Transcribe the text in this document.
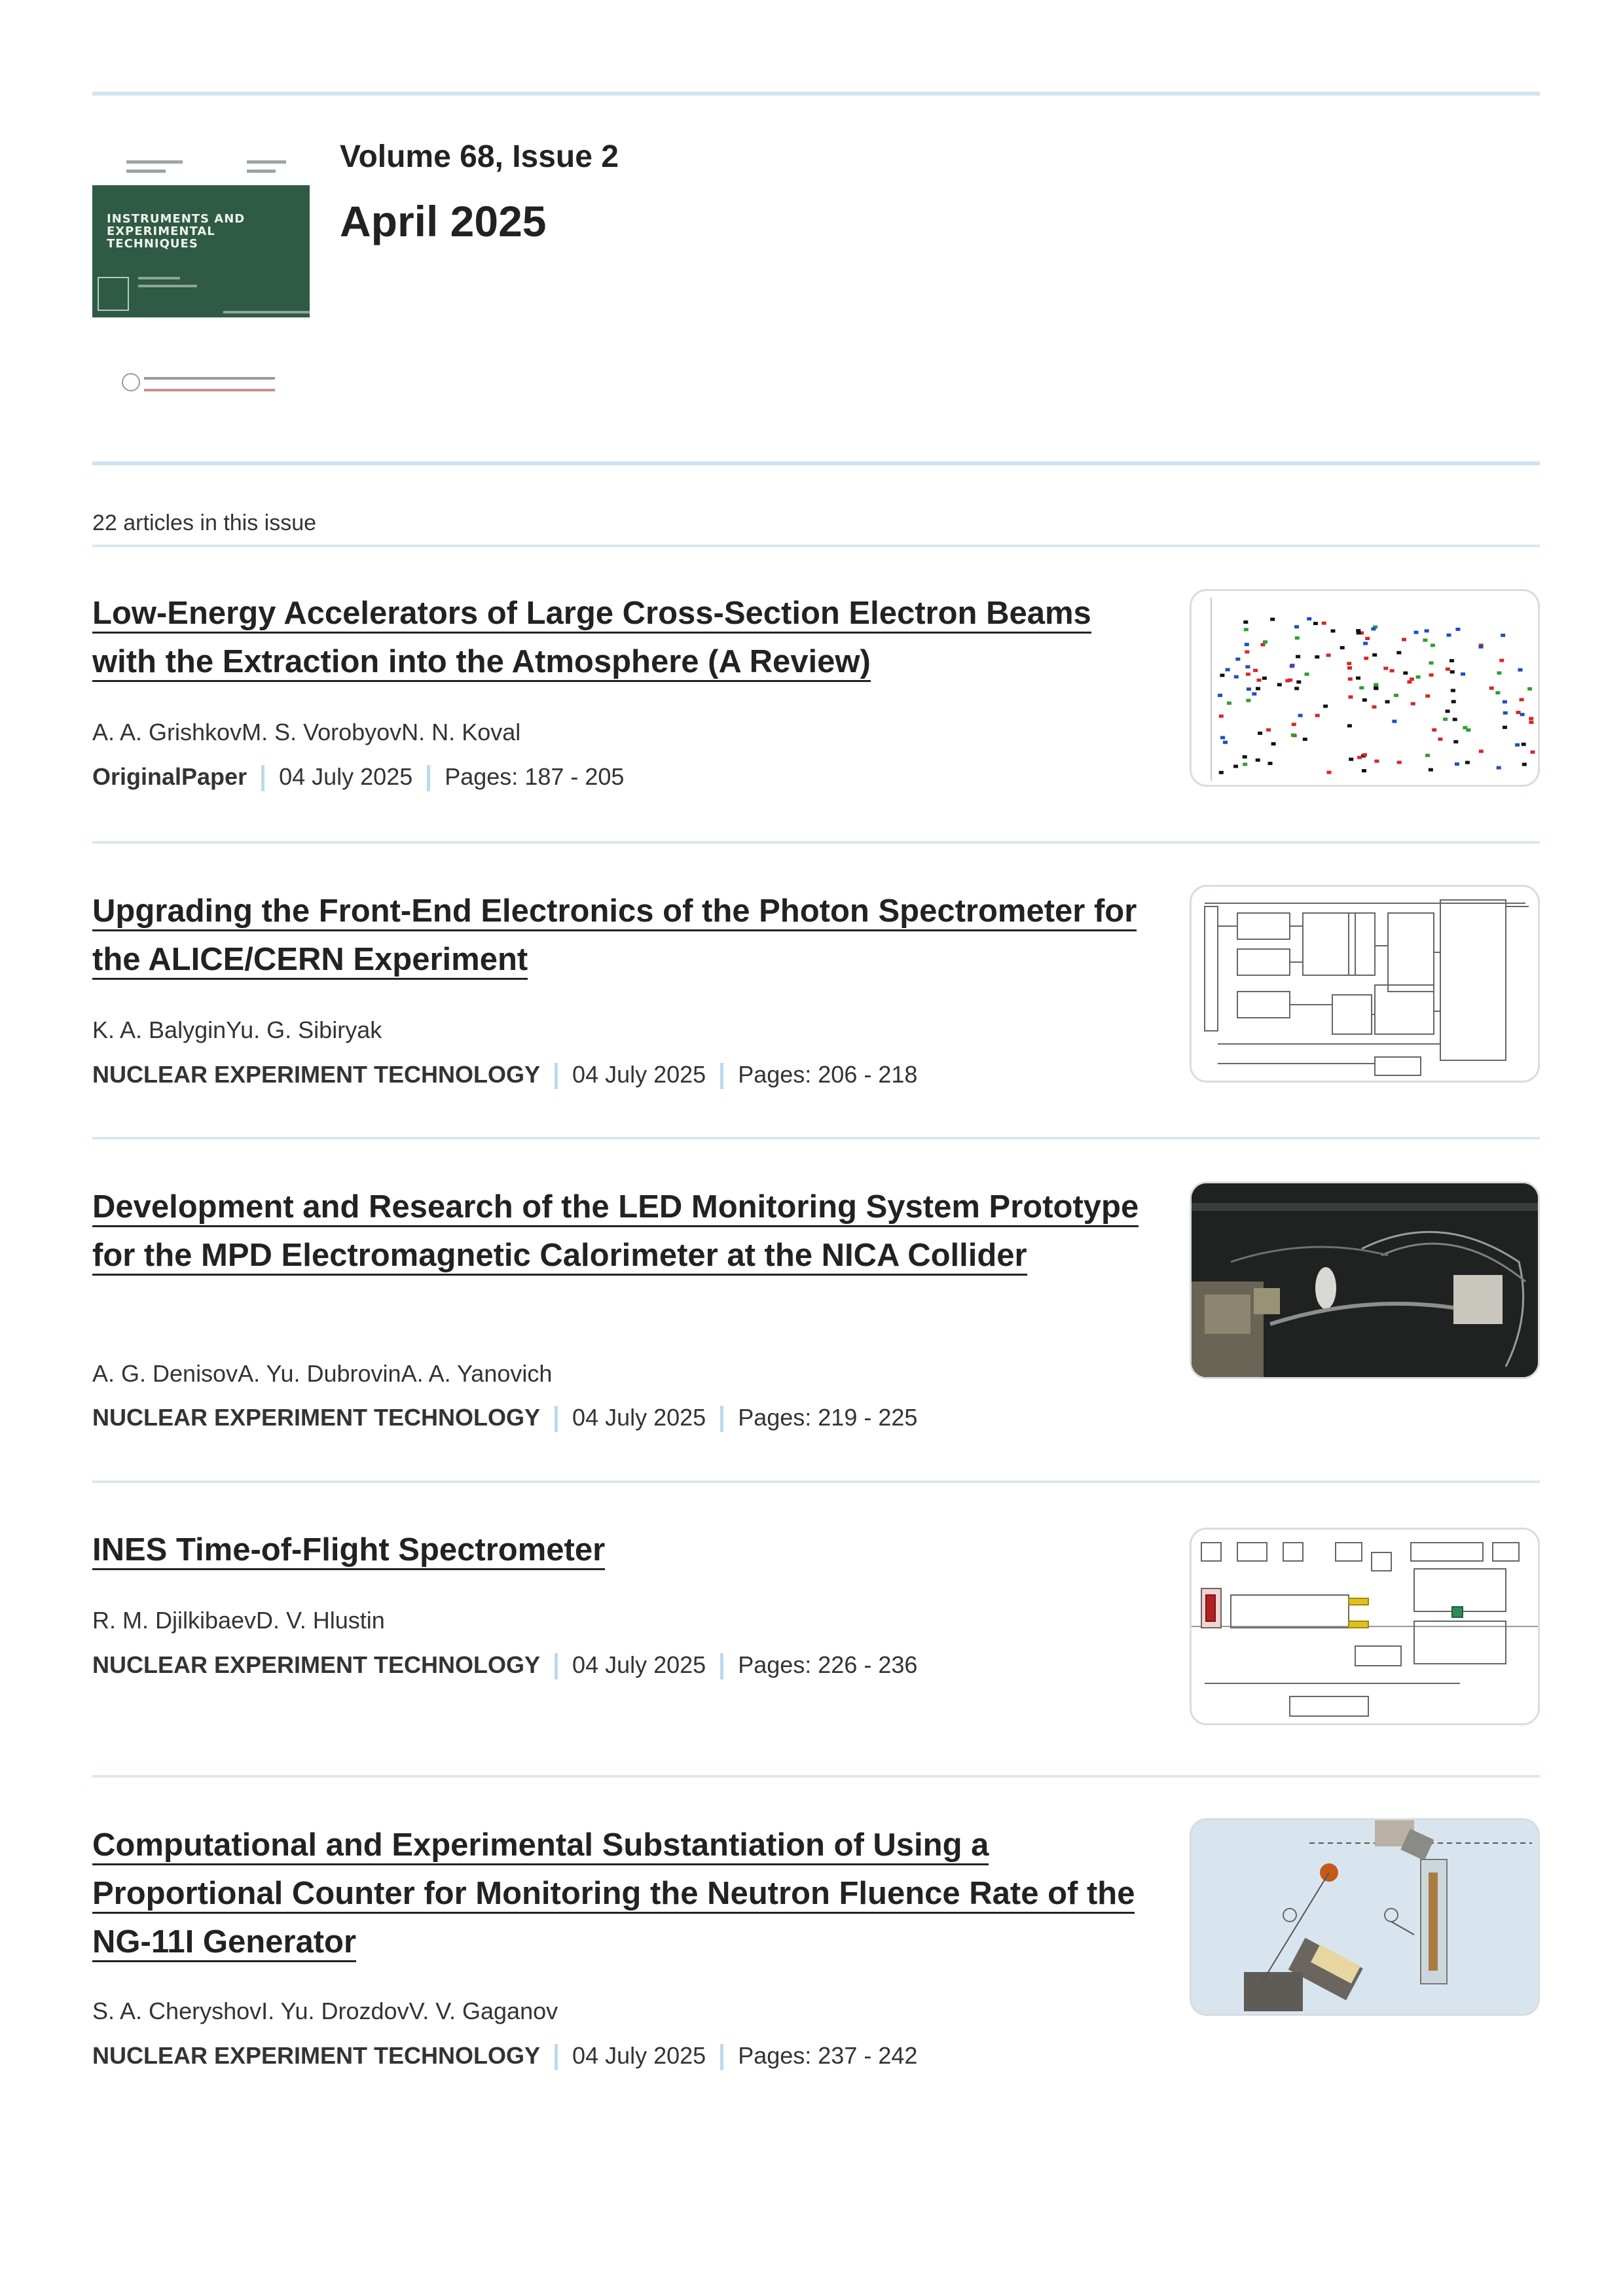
INSTRUMENTS AND EXPERIMENTAL TECHNIQUES
Volume 68, Issue 2
April 2025
22 articles in this issue
Low-Energy Accelerators of Large Cross-Section Electron Beams with the Extraction into the Atmosphere (A Review)
A. A. GrishkovM. S. VorobyovN. N. Koval
OriginalPaper 04 July 2025 Pages: 187 - 205
Upgrading the Front-End Electronics of the Photon Spectrometer for the ALICE/CERN Experiment
K. A. BalyginYu. G. Sibiryak
NUCLEAR EXPERIMENT TECHNOLOGY 04 July 2025 Pages: 206 - 218
Development and Research of the LED Monitoring System Prototype for the MPD Electromagnetic Calorimeter at the NICA Collider
A. G. DenisovA. Yu. DubrovinA. A. Yanovich
NUCLEAR EXPERIMENT TECHNOLOGY 04 July 2025 Pages: 219 - 225
INES Time-of-Flight Spectrometer
R. M. DjilkibaevD. V. Hlustin
NUCLEAR EXPERIMENT TECHNOLOGY 04 July 2025 Pages: 226 - 236
Computational and Experimental Substantiation of Using a Proportional Counter for Monitoring the Neutron Fluence Rate of the NG-11I Generator
S. A. CheryshovI. Yu. DrozdovV. V. Gaganov
NUCLEAR EXPERIMENT TECHNOLOGY 04 July 2025 Pages: 237 - 242
